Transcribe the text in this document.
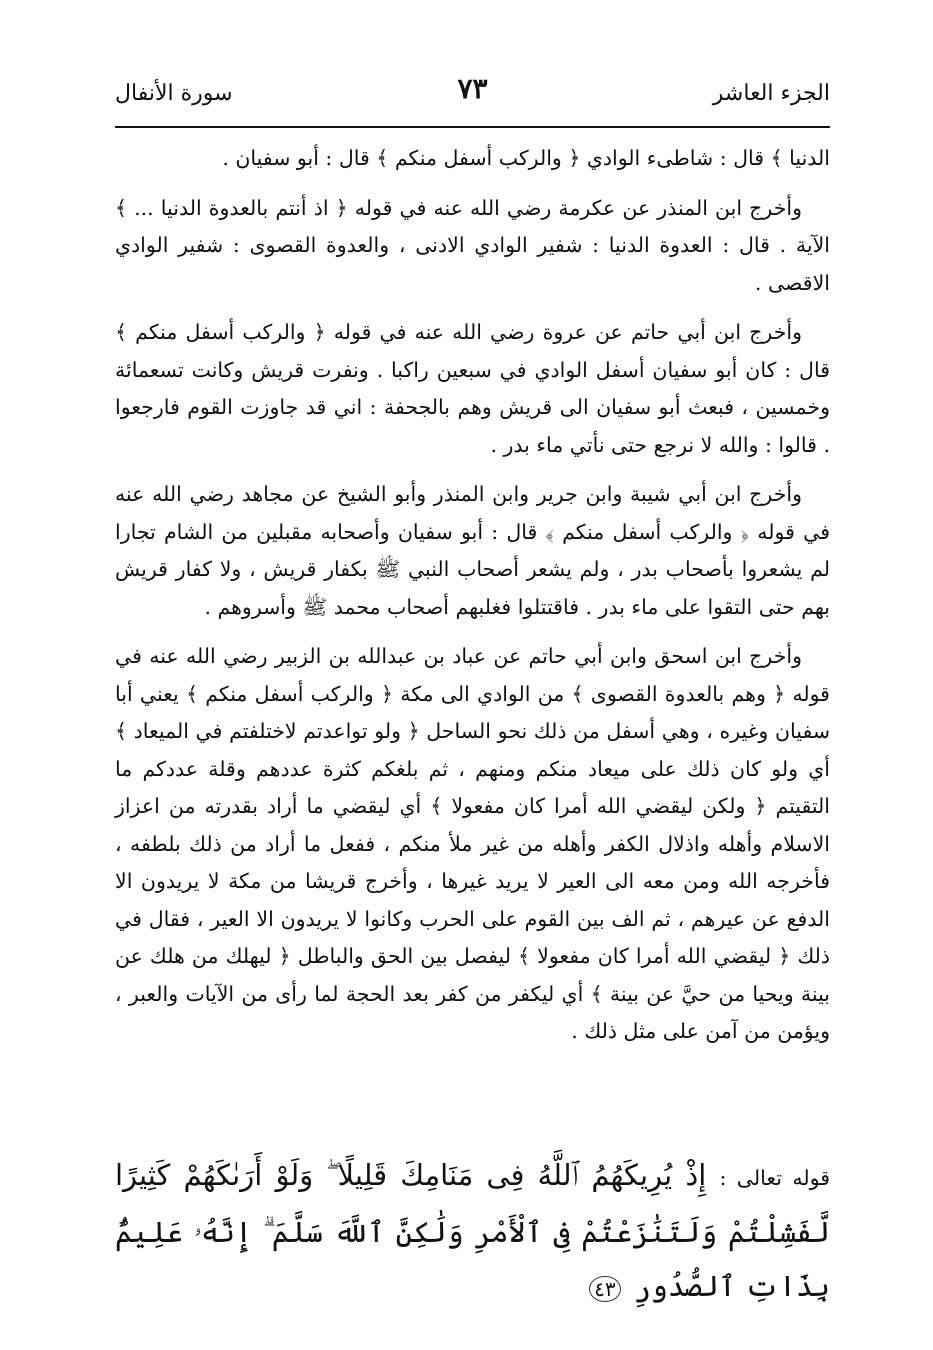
الجزء العاشر
٧٣
سورة الأنفال

الدنيا ﴾ قال : شاطىء الوادي ﴿ والركب أسفل منكم ﴾ قال : أبو سفيان .

وأخرج ابن المنذر عن عكرمة رضي الله عنه في قوله ﴿ اذ أنتم بالعدوة الدنيا ... ﴾ الآية . قال : العدوة الدنيا : شفير الوادي الادنى ، والعدوة القصوى : شفير الوادي الاقصى .

وأخرج ابن أبي حاتم عن عروة رضي الله عنه في قوله ﴿ والركب أسفل منكم ﴾ قال : كان أبو سفيان أسفل الوادي في سبعين راكبا . ونفرت قريش وكانت تسعمائة وخمسين ، فبعث أبو سفيان الى قريش وهم بالجحفة : اني قد جاوزت القوم فارجعوا . قالوا : والله لا نرجع حتى نأتي ماء بدر .

وأخرج ابن أبي شيبة وابن جرير وابن المنذر وأبو الشيخ عن مجاهد رضي الله عنه في قوله ﴿ والركب أسفل منكم ﴾ قال : أبو سفيان وأصحابه مقبلين من الشام تجارا لم يشعروا بأصحاب بدر ، ولم يشعر أصحاب النبي ﷺ بكفار قريش ، ولا كفار قريش بهم حتى التقوا على ماء بدر . فاقتتلوا فغلبهم أصحاب محمد ﷺ وأسروهم .

وأخرج ابن اسحق وابن أبي حاتم عن عباد بن عبدالله بن الزبير رضي الله عنه في قوله ﴿ وهم بالعدوة القصوى ﴾ من الوادي الى مكة ﴿ والركب أسفل منكم ﴾ يعني أبا سفيان وغيره ، وهي أسفل من ذلك نحو الساحل ﴿ ولو تواعدتم لاختلفتم في الميعاد ﴾ أي ولو كان ذلك على ميعاد منكم ومنهم ، ثم بلغكم كثرة عددهم وقلة عددكم ما التقيتم ﴿ ولكن ليقضي الله أمرا كان مفعولا ﴾ أي ليقضي ما أراد بقدرته من اعزاز الاسلام وأهله واذلال الكفر وأهله من غير ملأ منكم ، ففعل ما أراد من ذلك بلطفه ، فأخرجه الله ومن معه الى العير لا يريد غيرها ، وأخرج قريشا من مكة لا يريدون الا الدفع عن عيرهم ، ثم الف بين القوم على الحرب وكانوا لا يريدون الا العير ، فقال في ذلك ﴿ ليقضي الله أمرا كان مفعولا ﴾ ليفصل بين الحق والباطل ﴿ ليهلك من هلك عن بينة ويحيا من حيَّ عن بينة ﴾ أي ليكفر من كفر بعد الحجة لما رأى من الآيات والعبر ، ويؤمن من آمن على مثل ذلك .

قوله تعالى : إِذْ يُرِيكَهُمُ ٱللَّهُ فِى مَنَامِكَ قَلِيلًا ۖ وَلَوْ أَرَىٰكَهُمْ كَثِيرًا
لَّفَشِلْتُمْ وَلَتَنَٰزَعْتُمْ فِى ٱلْأَمْرِ وَلَٰكِنَّ ٱللَّهَ سَلَّمَ ۗ إِنَّهُۥ عَلِيمٌۢ بِذَاتِ ٱلصُّدُورِ ٤٣
